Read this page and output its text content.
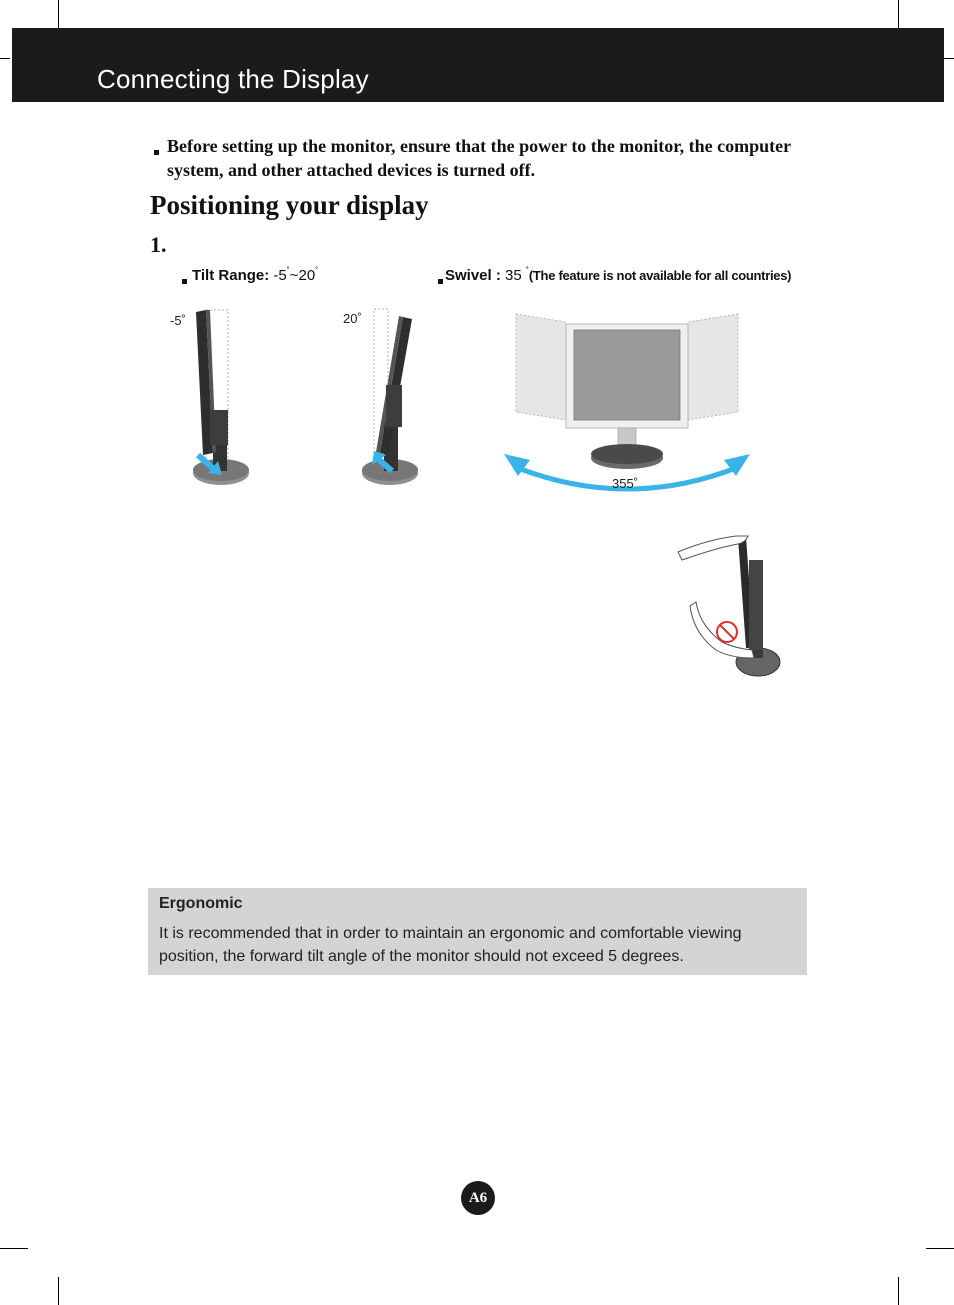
Connecting the Display
Before setting up the monitor, ensure that the power to the monitor, the computer system, and other attached devices is turned off.
Positioning your display
1.
Tilt Range: -5˚~20˚	Swivel : 35 ˚(The feature is not available for all countries)
-5˚	20˚
355˚
Ergonomic
It is recommended that in order to maintain an ergonomic and comfortable viewing position, the forward tilt angle of the monitor should not exceed 5 degrees.
A6
